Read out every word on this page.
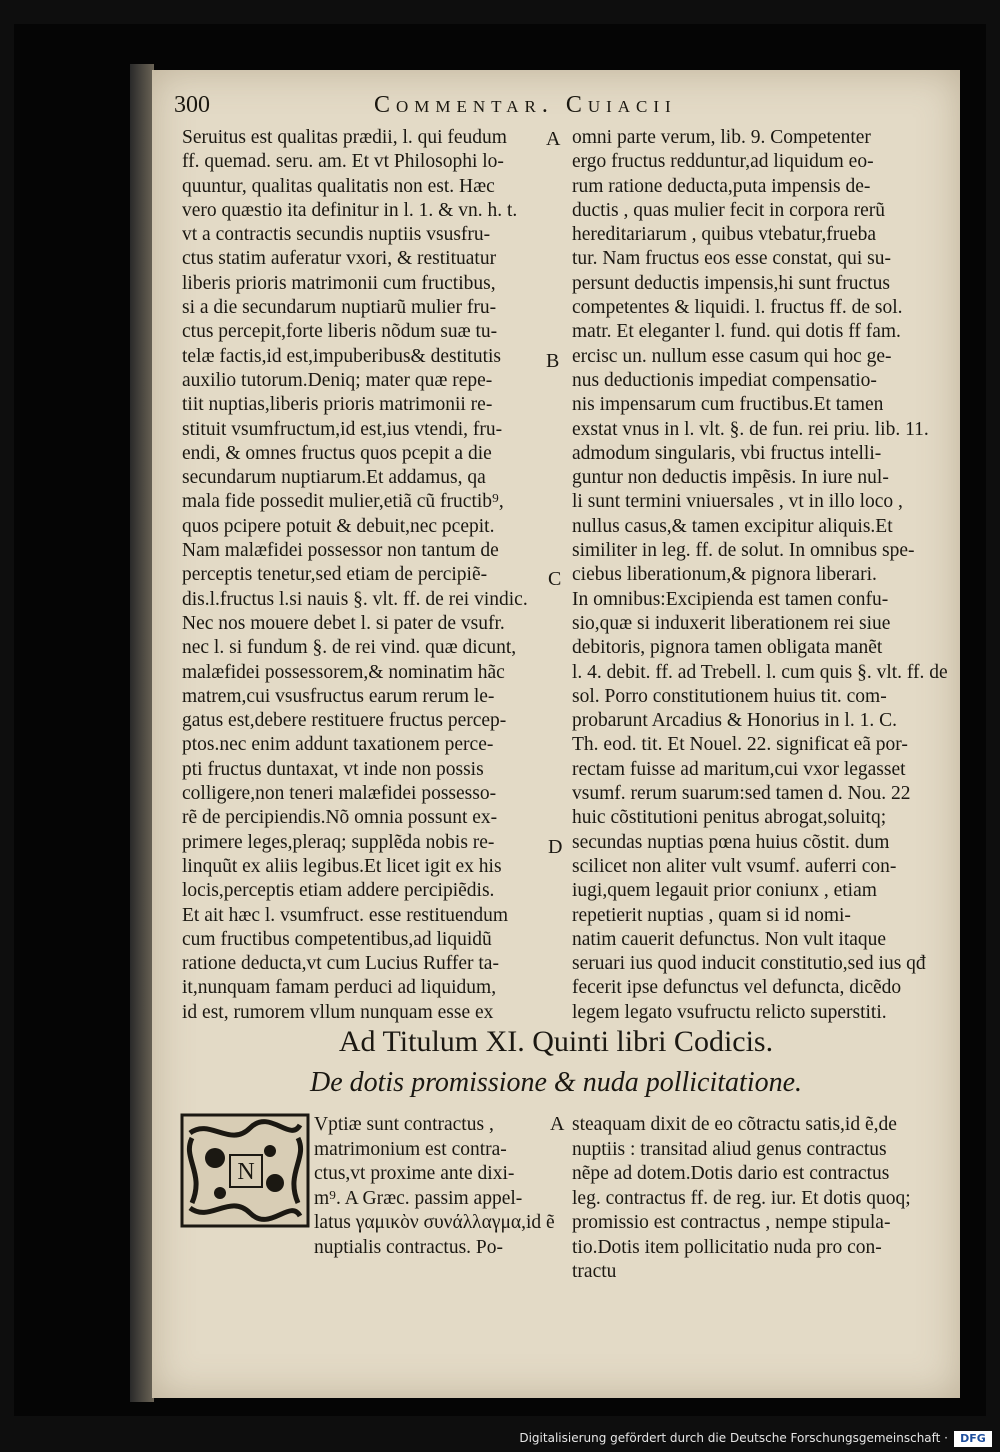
300	Commentar. Cuiacii
Seruitus est qualitas prædii, l. qui feudum
ff. quemad. seru. am. Et vt Philosophi lo-
quuntur, qualitas qualitatis non est. Hæc
vero quæstio ita definitur in l. 1. & vn. h. t.
vt a contractis secundis nuptiis vsusfru-
ctus statim auferatur vxori, & restituatur
liberis prioris matrimonii cum fructibus,
si a die secundarum nuptiarũ mulier fru-
ctus percepit,forte liberis nõdum suæ tu-
telæ factis,id est,impuberibus& destitutis
auxilio tutorum.Deniq; mater quæ repe-
tiit nuptias,liberis prioris matrimonii re-
stituit vsumfructum,id est,ius vtendi, fru-
endi, & omnes fructus quos pcepit a die
secundarum nuptiarum.Et addamus, qa
mala fide possedit mulier,etiã cũ fructib⁹,
quos pcipere potuit & debuit,nec pcepit.
Nam malæfidei possessor non tantum de
perceptis tenetur,sed etiam de percipiẽ-
dis.l.fructus l.si nauis §. vlt. ff. de rei vindic.
Nec nos mouere debet l. si pater de vsufr.
nec l. si fundum §. de rei vind. quæ dicunt,
malæfidei possessorem,& nominatim hãc
matrem,cui vsusfructus earum rerum le-
gatus est,debere restituere fructus percep-
ptos.nec enim addunt taxationem perce-
pti fructus duntaxat, vt inde non possis
colligere,non teneri malæfidei possesso-
rẽ de percipiendis.Nõ omnia possunt ex-
primere leges,pleraq; supplẽda nobis re-
linquũt ex aliis legibus.Et licet igit ex his
locis,perceptis etiam addere percipiẽdis.
Et ait hæc l. vsumfruct. esse restituendum
cum fructibus competentibus,ad liquidũ
ratione deducta,vt cum Lucius Ruffer ta-
it,nunquam famam perduci ad liquidum,
id est, rumorem vllum nunquam esse ex
omni parte verum, lib. 9. Competenter
ergo fructus redduntur,ad liquidum eo-
rum ratione deducta,puta impensis de-
ductis , quas mulier fecit in corpora rerũ
hereditariarum , quibus vtebatur,frueba
tur. Nam fructus eos esse constat, qui su-
persunt deductis impensis,hi sunt fructus
competentes & liquidi. l. fructus ff. de sol.
matr. Et eleganter l. fund. qui dotis ff fam.
ercisc un. nullum esse casum qui hoc ge-
nus deductionis impediat compensatio-
nis impensarum cum fructibus.Et tamen
exstat vnus in l. vlt. §. de fun. rei priu. lib. 11.
admodum singularis, vbi fructus intelli-
guntur non deductis impẽsis. In iure nul-
li sunt termini vniuersales , vt in illo loco ,
nullus casus,& tamen excipitur aliquis.Et
similiter in leg. ff. de solut. In omnibus spe-
ciebus liberationum,& pignora liberari.
In omnibus:Excipienda est tamen confu-
sio,quæ si induxerit liberationem rei siue
debitoris, pignora tamen obligata manẽt
l. 4. debit. ff. ad Trebell. l. cum quis §. vlt. ff. de
sol. Porro constitutionem huius tit. com-
probarunt Arcadius & Honorius in l. 1. C.
Th. eod. tit. Et Nouel. 22. significat eã por-
rectam fuisse ad maritum,cui vxor legasset
vsumf. rerum suarum:sed tamen d. Nou. 22
huic cõstitutioni penitus abrogat,soluitq;
secundas nuptias pœna huius cõstit. dum
scilicet non aliter vult vsumf. auferri con-
iugi,quem legauit prior coniunx , etiam
repetierit nuptias , quam si id nomi-
natim cauerit defunctus. Non vult itaque
seruari ius quod inducit constitutio,sed ius qđ
fecerit ipse defunctus vel defuncta, dicẽdo
legem legato vsufructu relicto superstiti.
A
B
C
D
Ad Titulum XI. Quinti libri Codicis.
De dotis promissione & nuda pollicitatione.
N
Vptiæ sunt contractus ,
matrimonium est contra-
ctus,vt proxime ante dixi-
m⁹. A Græc. passim appel-
latus γαμικὸν συνάλλαγμα,id ẽ
nuptialis contractus. Po-
steaquam dixit de eo cõtractu satis,id ẽ,de
nuptiis : transitad aliud genus contractus
nẽpe ad dotem.Dotis dario est contractus
leg. contractus ff. de reg. iur. Et dotis quoq;
promissio est contractus , nempe stipula-
tio.Dotis item pollicitatio nuda pro con-
tractu
A
Digitalisierung gefördert durch die Deutsche Forschungsgemeinschaft ·	DFG
